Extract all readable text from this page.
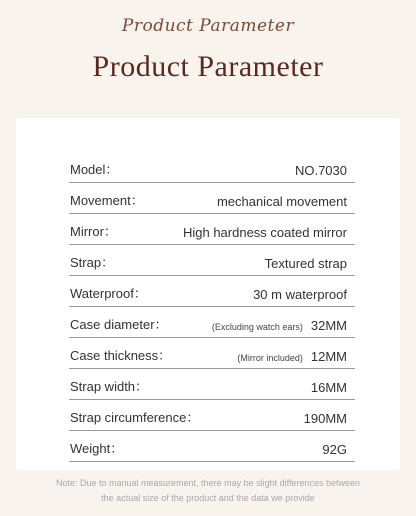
Product Parameter
Product Parameter
Model：	NO.7030
Movement：	mechanical movement
Mirror：	High hardness coated mirror
Strap：	Textured strap
Waterproof：	30 m waterproof
Case diameter：	(Excluding watch ears) 32MM
Case thickness：	(Mirror included) 12MM
Strap width：	16MM
Strap circumference：	190MM
Weight：	92G
Note: Due to manual measurement, there may be slight differences between
the actual size of the product and the data we provide
